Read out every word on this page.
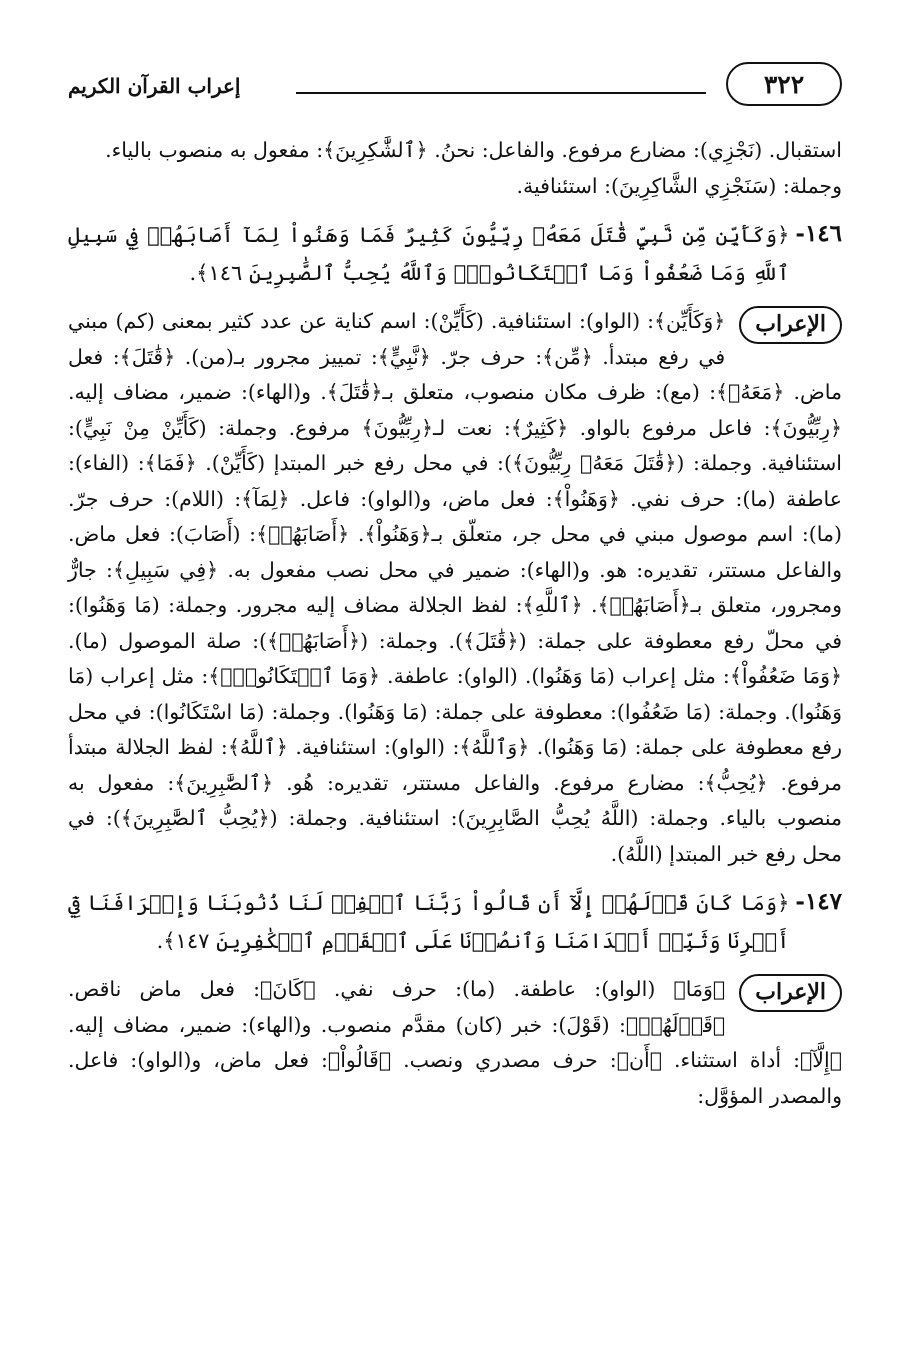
٣٢٢
إعراب القرآن الكريم

استقبال. (نَجْزِي): مضارع مرفوع. والفاعل: نحنُ. ﴿ٱلشَّٰكِرِينَ﴾: مفعول به منصوب بالياء.

وجملة: (سَنَجْزِي الشَّاكِرِينَ): استئنافية.

١٤٦-
﴿وَكَأَيِّن مِّن نَّبِيٍّ قَٰتَلَ مَعَهُۥ رِبِّيُّونَ كَثِيرٌ فَمَا وَهَنُواْ لِمَآ أَصَابَهُمۡ فِي سَبِيلِ ٱللَّهِ وَمَا ضَعُفُواْ وَمَا ٱسۡتَكَانُواْۗ وَٱللَّهُ يُحِبُّ ٱلصَّٰبِرِينَ ١٤٦﴾.
الإعراب

﴿وَكَأَيِّن﴾: (الواو): استئنافية. (كَأَيِّنْ): اسم كناية عن عدد كثير بمعنى (كم) مبني في رفع مبتدأ. ﴿مِّن﴾: حرف جرّ. ﴿نَّبِيٍّ﴾: تمييز مجرور بـ(من). ﴿قَٰتَلَ﴾: فعل ماض. ﴿مَعَهُۥ﴾: (مع): ظرف مكان منصوب، متعلق بـ﴿قَٰتَلَ﴾. و(الهاء): ضمير، مضاف إليه.﴿رِبِّيُّونَ﴾: فاعل مرفوع بالواو. ﴿كَثِيرٌ﴾: نعت لـ﴿رِبِّيُّونَ﴾ مرفوع. وجملة: (كَأَيِّنْ مِنْ نَبِيٍّ): استئنافية. وجملة: (﴿قَٰتَلَ مَعَهُۥ رِبِّيُّونَ﴾): في محل رفع خبر المبتدإ (كَأَيِّنْ). ﴿فَمَا﴾: (الفاء): عاطفة (ما): حرف نفي. ﴿وَهَنُواْ﴾: فعل ماض، و(الواو): فاعل. ﴿لِمَآ﴾: (اللام): حرف جرّ. (ما): اسم موصول مبني في محل جر، متعلّق بـ﴿وَهَنُواْ﴾. ﴿أَصَابَهُمۡ﴾: (أَصَابَ): فعل ماض. والفاعل مستتر، تقديره: هو. و(الهاء): ضمير في محل نصب مفعول به. ﴿فِي سَبِيلِ﴾: جارٌّ ومجرور، متعلق بـ﴿أَصَابَهُمۡ﴾. ﴿ٱللَّهِ﴾: لفظ الجلالة مضاف إليه مجرور. وجملة: (مَا وَهَنُوا): في محلّ رفع معطوفة على جملة: (﴿قَٰتَلَ﴾). وجملة: (﴿أَصَابَهُمۡ﴾): صلة الموصول (ما). ﴿وَمَا ضَعُفُواْ﴾: مثل إعراب (مَا وَهَنُوا). (الواو): عاطفة. ﴿وَمَا ٱسۡتَكَانُواْۗ﴾: مثل إعراب (مَا وَهَنُوا). وجملة: (مَا ضَعُفُوا): معطوفة على جملة: (مَا وَهَنُوا). وجملة: (مَا اسْتَكَانُوا): في محل رفع معطوفة على جملة: (مَا وَهَنُوا). ﴿وَٱللَّهُ﴾: (الواو): استئنافية. ﴿ٱللَّهُ﴾: لفظ الجلالة مبتدأ مرفوع. ﴿يُحِبُّ﴾: مضارع مرفوع. والفاعل مستتر، تقديره: هُو. ﴿ٱلصَّٰبِرِينَ﴾: مفعول به منصوب بالياء. وجملة: (اللَّهُ يُحِبُّ الصَّابِرِينَ): استئنافية. وجملة: (﴿يُحِبُّ ٱلصَّٰبِرِينَ﴾): في محل رفع خبر المبتدإ (اللَّهُ).

١٤٧-
﴿وَمَا كَانَ قَوۡلَهُمۡ إِلَّآ أَن قَالُواْ رَبَّنَا ٱغۡفِرۡ لَنَا ذُنُوبَنَا وَإِسۡرَافَنَا فِيٓ أَمۡرِنَا وَثَبِّتۡ أَقۡدَامَنَا وَٱنصُرۡنَا عَلَى ٱلۡقَوۡمِ ٱلۡكَٰفِرِينَ ١٤٧﴾.
الإعراب

﴿وَمَا﴾ (الواو): عاطفة. (ما): حرف نفي. ﴿كَانَ﴾: فعل ماض ناقص. ﴿قَوۡلَهُمۡ﴾: (قَوْلَ): خبر (كان) مقدَّم منصوب. و(الهاء): ضمير، مضاف إليه. ﴿إِلَّآ﴾: أداة استثناء. ﴿أَن﴾: حرف مصدري ونصب. ﴿قَالُواْ﴾: فعل ماض، و(الواو): فاعل. والمصدر المؤوَّل:
